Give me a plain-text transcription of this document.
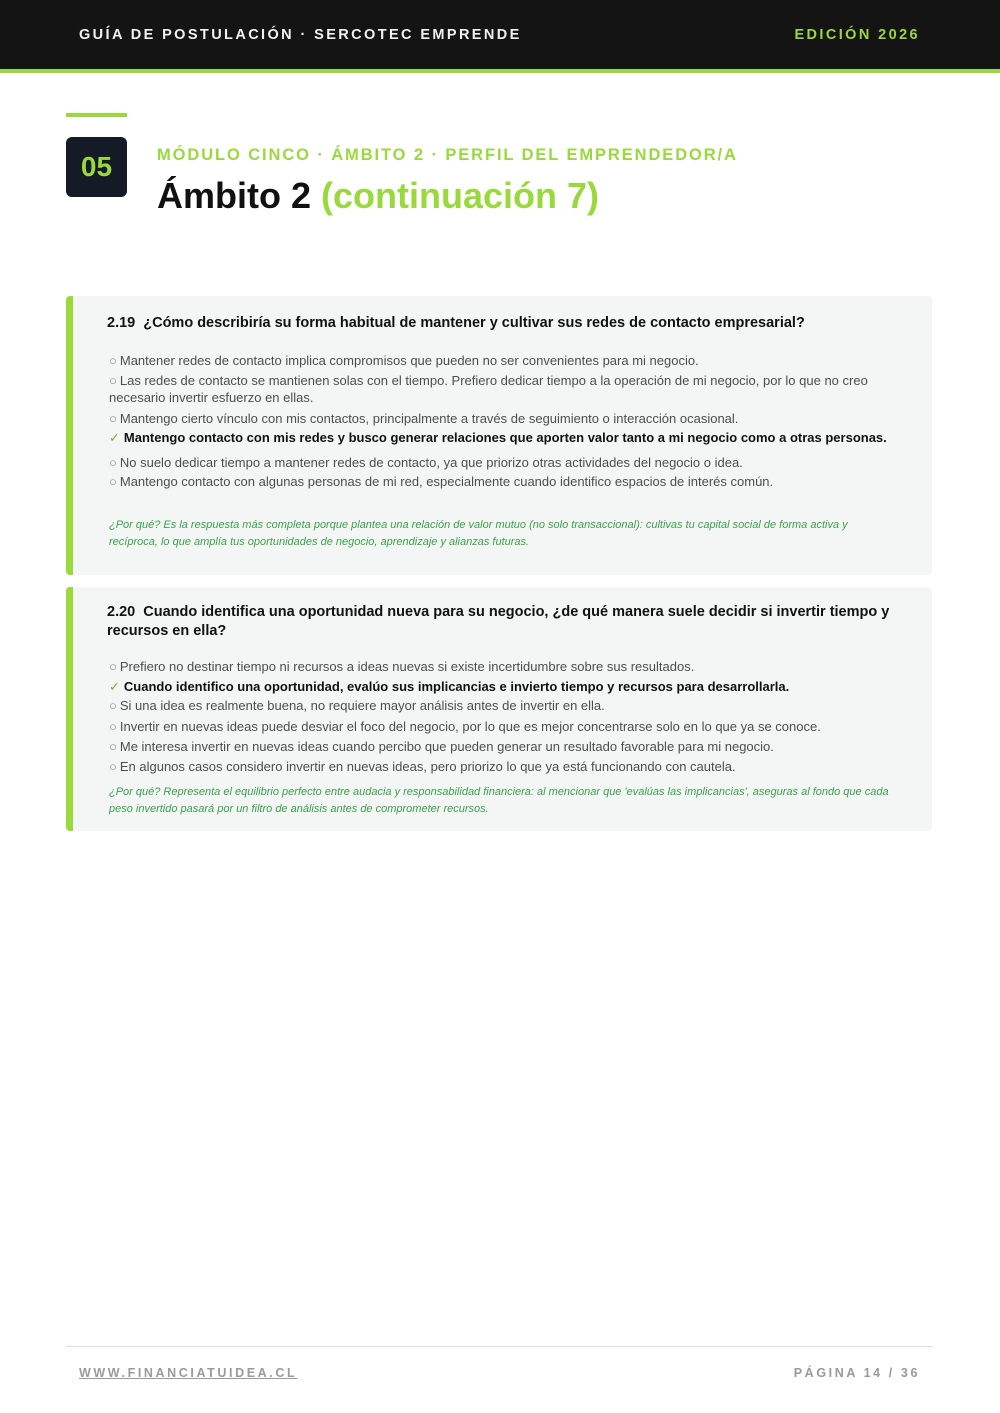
GUÍA DE POSTULACIÓN · SERCOTEC EMPRENDE	EDICIÓN 2026
05	MÓDULO CINCO · ÁMBITO 2 · PERFIL DEL EMPRENDEDOR/A
Ámbito 2 (continuación 7)
2.19 ¿Cómo describiría su forma habitual de mantener y cultivar sus redes de contacto empresarial?
○ Mantener redes de contacto implica compromisos que pueden no ser convenientes para mi negocio.
○ Las redes de contacto se mantienen solas con el tiempo. Prefiero dedicar tiempo a la operación de mi negocio, por lo que no creo necesario invertir esfuerzo en ellas.
○ Mantengo cierto vínculo con mis contactos, principalmente a través de seguimiento o interacción ocasional.
✓ Mantengo contacto con mis redes y busco generar relaciones que aporten valor tanto a mi negocio como a otras personas.
○ No suelo dedicar tiempo a mantener redes de contacto, ya que priorizo otras actividades del negocio o idea.
○ Mantengo contacto con algunas personas de mi red, especialmente cuando identifico espacios de interés común.
¿Por qué? Es la respuesta más completa porque plantea una relación de valor mutuo (no solo transaccional): cultivas tu capital social de forma activa y recíproca, lo que amplía tus oportunidades de negocio, aprendizaje y alianzas futuras.
2.20 Cuando identifica una oportunidad nueva para su negocio, ¿de qué manera suele decidir si invertir tiempo y recursos en ella?
○ Prefiero no destinar tiempo ni recursos a ideas nuevas si existe incertidumbre sobre sus resultados.
✓ Cuando identifico una oportunidad, evalúo sus implicancias e invierto tiempo y recursos para desarrollarla.
○ Si una idea es realmente buena, no requiere mayor análisis antes de invertir en ella.
○ Invertir en nuevas ideas puede desviar el foco del negocio, por lo que es mejor concentrarse solo en lo que ya se conoce.
○ Me interesa invertir en nuevas ideas cuando percibo que pueden generar un resultado favorable para mi negocio.
○ En algunos casos considero invertir en nuevas ideas, pero priorizo lo que ya está funcionando con cautela.
¿Por qué? Representa el equilibrio perfecto entre audacia y responsabilidad financiera: al mencionar que 'evalúas las implicancias', aseguras al fondo que cada peso invertido pasará por un filtro de análisis antes de comprometer recursos.
WWW.FINANCIATUIDEA.CL	PÁGINA 14 / 36
